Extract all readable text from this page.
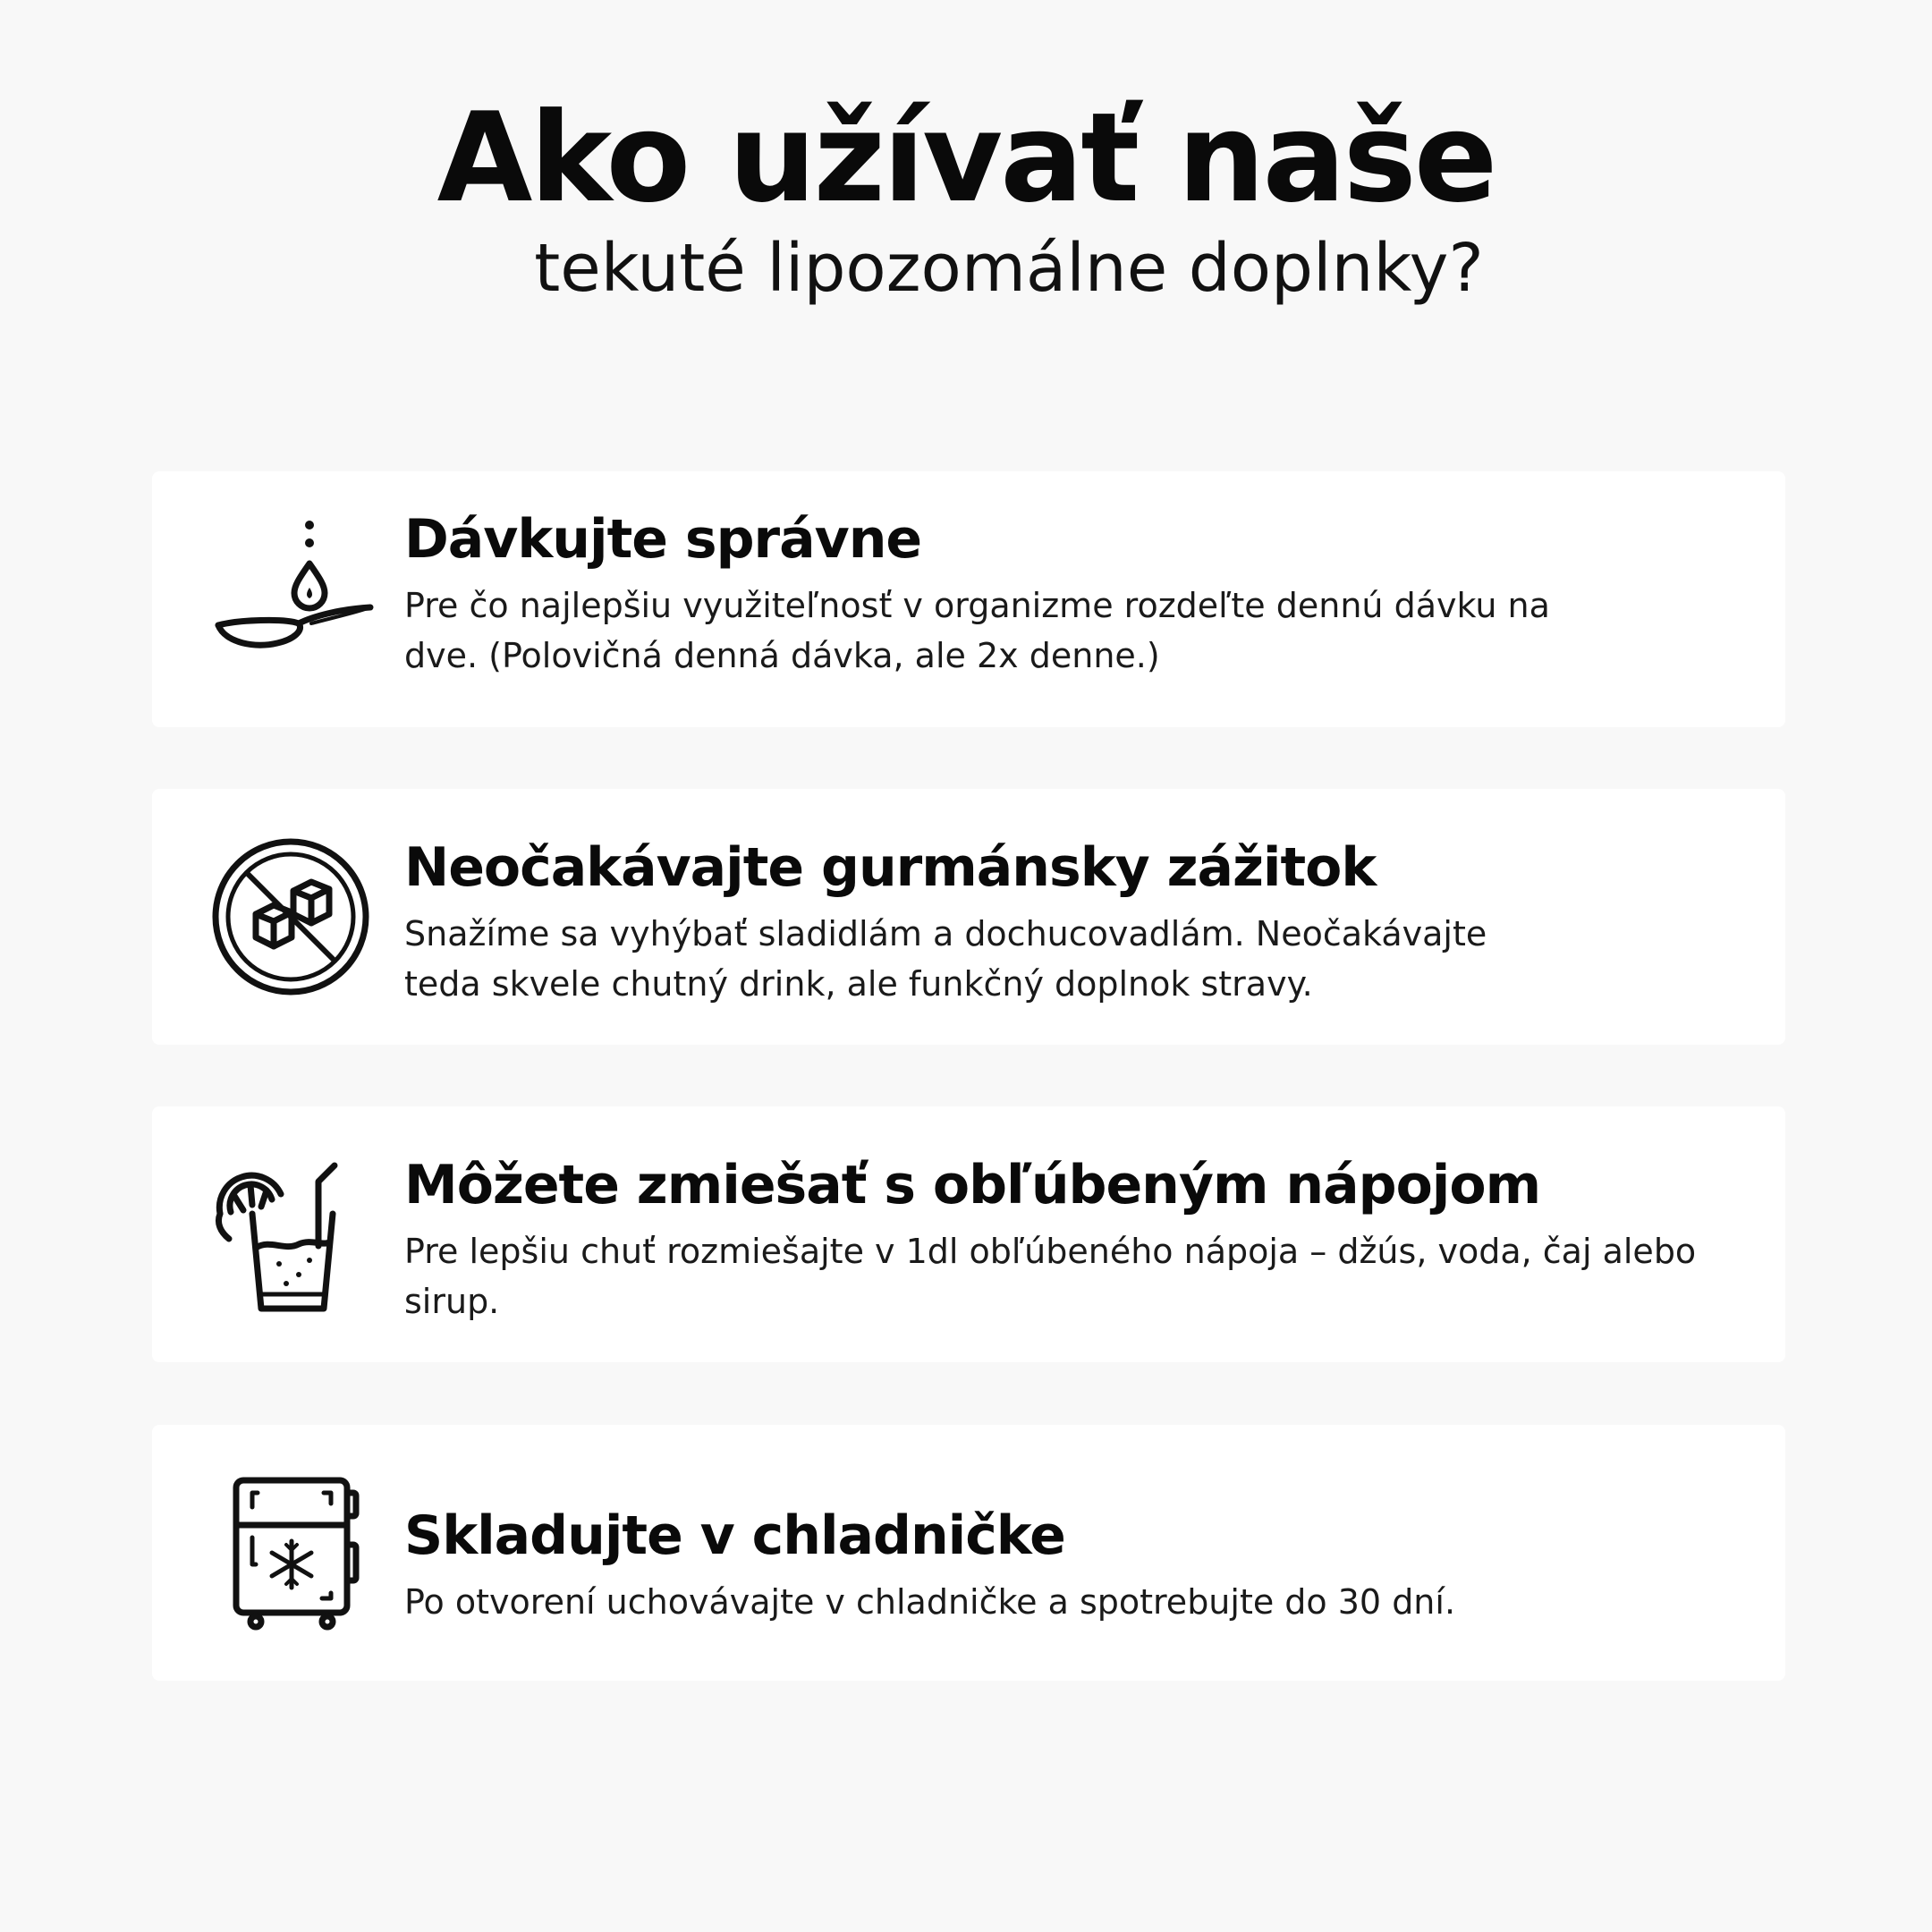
Ako užívať naše
tekuté lipozomálne doplnky?
Dávkujte správne

Pre čo najlepšiu využiteľnosť v organizme rozdeľte dennú dávku na dve. (Polovičná denná dávka, ale 2x denne.)

Neočakávajte gurmánsky zážitok

Snažíme sa vyhýbať sladidlám a dochucovadlám. Neočakávajte teda skvele chutný drink, ale funkčný doplnok stravy.

Môžete zmiešať s obľúbeným nápojom

Pre lepšiu chuť rozmiešajte v 1dl obľúbeného nápoja – džús, voda, čaj alebo sirup.

Skladujte v chladničke

Po otvorení uchovávajte v chladničke a spotrebujte do 30 dní.
